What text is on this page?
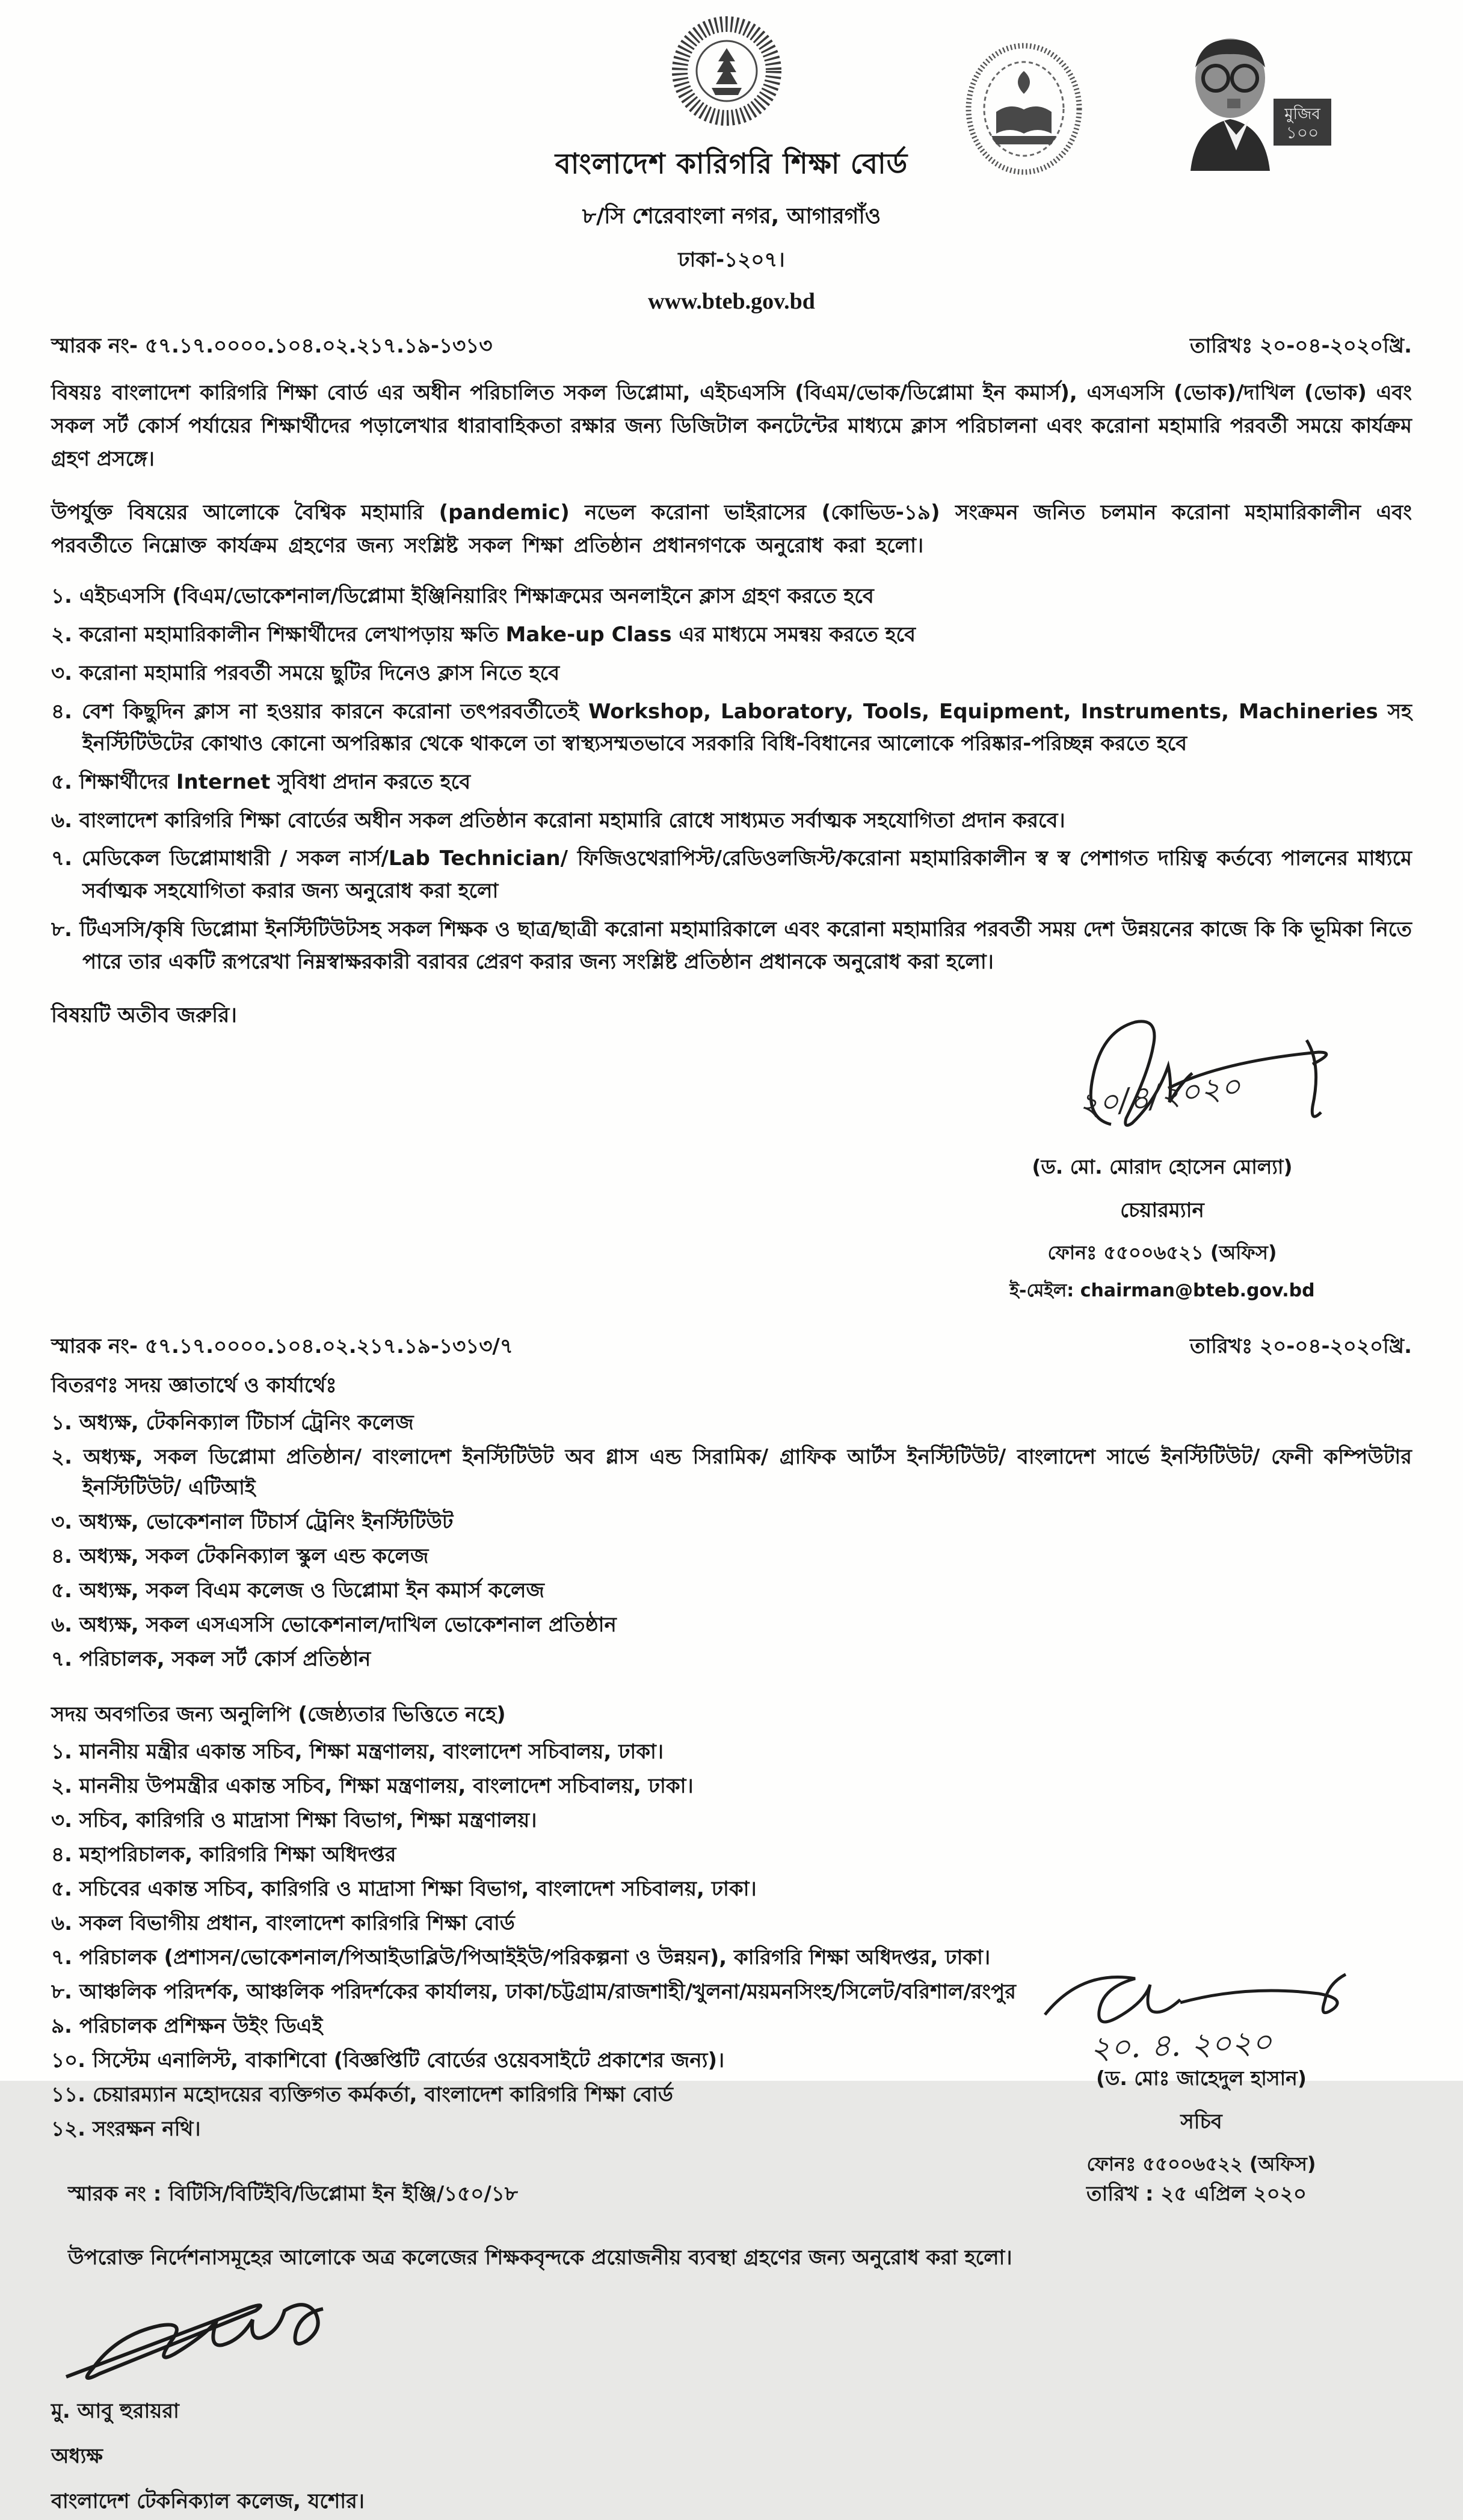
মুজিব
১০০
বাংলাদেশ কারিগরি শিক্ষা বোর্ড
৮/সি শেরেবাংলা নগর, আগারগাঁও
ঢাকা-১২০৭।
www.bteb.gov.bd
স্মারক নং- ৫৭.১৭.০০০০.১০৪.০২.২১৭.১৯-১৩১৩	তারিখঃ ২০-০৪-২০২০খ্রি.
বিষয়ঃ বাংলাদেশ কারিগরি শিক্ষা বোর্ড এর অধীন পরিচালিত সকল ডিপ্লোমা, এইচএসসি (বিএম/ভোক/ডিপ্লোমা ইন কমার্স), এসএসসি (ভোক)/দাখিল (ভোক) এবং সকল সর্ট কোর্স পর্যায়ের শিক্ষার্থীদের পড়ালেখার ধারাবাহিকতা রক্ষার জন্য ডিজিটাল কনটেন্টের মাধ্যমে ক্লাস পরিচালনা এবং করোনা মহামারি পরবর্তী সময়ে কার্যক্রম গ্রহণ প্রসঙ্গে।
উপর্যুক্ত বিষয়ের আলোকে বৈশ্বিক মহামারি (pandemic) নভেল করোনা ভাইরাসের (কোভিড-১৯) সংক্রমন জনিত চলমান করোনা মহামারিকালীন এবং পরবর্তীতে নিম্নোক্ত কার্যক্রম গ্রহণের জন্য সংশ্লিষ্ট সকল শিক্ষা প্রতিষ্ঠান প্রধানগণকে অনুরোধ করা হলো।
১. এইচএসসি (বিএম/ভোকেশনাল/ডিপ্লোমা ইঞ্জিনিয়ারিং শিক্ষাক্রমের অনলাইনে ক্লাস গ্রহণ করতে হবে
২. করোনা মহামারিকালীন শিক্ষার্থীদের লেখাপড়ায় ক্ষতি Make-up Class এর মাধ্যমে সমন্বয় করতে হবে
৩. করোনা মহামারি পরবর্তী সময়ে ছুটির দিনেও ক্লাস নিতে হবে
৪. বেশ কিছুদিন ক্লাস না হওয়ার কারনে করোনা তৎপরবর্তীতেই Workshop, Laboratory, Tools, Equipment, Instruments, Machineries সহ ইনস্টিটিউটের কোথাও কোনো অপরিষ্কার থেকে থাকলে তা স্বাস্থ্যসম্মতভাবে সরকারি বিধি-বিধানের আলোকে পরিষ্কার-পরিচ্ছন্ন করতে হবে
৫. শিক্ষার্থীদের Internet সুবিধা প্রদান করতে হবে
৬. বাংলাদেশ কারিগরি শিক্ষা বোর্ডের অধীন সকল প্রতিষ্ঠান করোনা মহামারি রোধে সাধ্যমত সর্বাত্মক সহযোগিতা প্রদান করবে।
৭. মেডিকেল ডিপ্লোমাধারী / সকল নার্স/Lab Technician/ ফিজিওথেরাপিস্ট/রেডিওলজিস্ট/করোনা মহামারিকালীন স্ব স্ব পেশাগত দায়িত্ব কর্তব্যে পালনের মাধ্যমে সর্বাত্মক সহযোগিতা করার জন্য অনুরোধ করা হলো
৮. টিএসসি/কৃষি ডিপ্লোমা ইনস্টিটিউটসহ সকল শিক্ষক ও ছাত্র/ছাত্রী করোনা মহামারিকালে এবং করোনা মহামারির পরবর্তী সময় দেশ উন্নয়নের কাজে কি কি ভূমিকা নিতে পারে তার একটি রূপরেখা নিম্নস্বাক্ষরকারী বরাবর প্রেরণ করার জন্য সংশ্লিষ্ট প্রতিষ্ঠান প্রধানকে অনুরোধ করা হলো।
বিষয়টি অতীব জরুরি।
২০/৪/২০২০
(ড. মো. মোরাদ হোসেন মোল্যা)
চেয়ারম্যান
ফোনঃ ৫৫০০৬৫২১ (অফিস)
ই-মেইল: chairman@bteb.gov.bd
স্মারক নং- ৫৭.১৭.০০০০.১০৪.০২.২১৭.১৯-১৩১৩/৭	তারিখঃ ২০-০৪-২০২০খ্রি.
বিতরণঃ সদয় জ্ঞাতার্থে ও কার্যার্থেঃ
১. অধ্যক্ষ, টেকনিক্যাল টিচার্স ট্রেনিং কলেজ
২. অধ্যক্ষ, সকল ডিপ্লোমা প্রতিষ্ঠান/ বাংলাদেশ ইনস্টিটিউট অব গ্লাস এন্ড সিরামিক/ গ্রাফিক আর্টস ইনস্টিটিউট/ বাংলাদেশ সার্ভে ইনস্টিটিউট/ ফেনী কম্পিউটার ইনস্টিটিউট/ এটিআই
৩. অধ্যক্ষ, ভোকেশনাল টিচার্স ট্রেনিং ইনস্টিটিউট
৪. অধ্যক্ষ, সকল টেকনিক্যাল স্কুল এন্ড কলেজ
৫. অধ্যক্ষ, সকল বিএম কলেজ ও ডিপ্লোমা ইন কমার্স কলেজ
৬. অধ্যক্ষ, সকল এসএসসি ভোকেশনাল/দাখিল ভোকেশনাল প্রতিষ্ঠান
৭. পরিচালক, সকল সর্ট কোর্স প্রতিষ্ঠান
সদয় অবগতির জন্য অনুলিপি (জেষ্ঠ্যতার ভিত্তিতে নহে)
১. মাননীয় মন্ত্রীর একান্ত সচিব, শিক্ষা মন্ত্রণালয়, বাংলাদেশ সচিবালয়, ঢাকা।
২. মাননীয় উপমন্ত্রীর একান্ত সচিব, শিক্ষা মন্ত্রণালয়, বাংলাদেশ সচিবালয়, ঢাকা।
৩. সচিব, কারিগরি ও মাদ্রাসা শিক্ষা বিভাগ, শিক্ষা মন্ত্রণালয়।
৪. মহাপরিচালক, কারিগরি শিক্ষা অধিদপ্তর
৫. সচিবের একান্ত সচিব, কারিগরি ও মাদ্রাসা শিক্ষা বিভাগ, বাংলাদেশ সচিবালয়, ঢাকা।
৬. সকল বিভাগীয় প্রধান, বাংলাদেশ কারিগরি শিক্ষা বোর্ড
৭. পরিচালক (প্রশাসন/ভোকেশনাল/পিআইডাব্লিউ/পিআইইউ/পরিকল্পনা ও উন্নয়ন), কারিগরি শিক্ষা অধিদপ্তর, ঢাকা।
৮. আঞ্চলিক পরিদর্শক, আঞ্চলিক পরিদর্শকের কার্যালয়, ঢাকা/চট্টগ্রাম/রাজশাহী/খুলনা/ময়মনসিংহ/সিলেট/বরিশাল/রংপুর
৯. পরিচালক প্রশিক্ষন উইং ডিএই
১০. সিস্টেম এনালিস্ট, বাকাশিবো (বিজ্ঞপ্তিটি বোর্ডের ওয়েবসাইটে প্রকাশের জন্য)।
১১. চেয়ারম্যান মহোদয়ের ব্যক্তিগত কর্মকর্তা, বাংলাদেশ কারিগরি শিক্ষা বোর্ড
১২. সংরক্ষন নথি।
২০. ৪. ২০২০
(ড. মোঃ জাহেদুল হাসান)
সচিব
ফোনঃ ৫৫০০৬৫২২ (অফিস)
স্মারক নং : বিটিসি/বিটিইবি/ডিপ্লোমা ইন ইঞ্জি/১৫০/১৮	তারিখ : ২৫ এপ্রিল ২০২০
উপরোক্ত নির্দেশনাসমূহের আলোকে অত্র কলেজের শিক্ষকবৃন্দকে প্রয়োজনীয় ব্যবস্থা গ্রহণের জন্য অনুরোধ করা হলো।
মু. আবু হুরায়রা
অধ্যক্ষ
বাংলাদেশ টেকনিক্যাল কলেজ, যশোর।
